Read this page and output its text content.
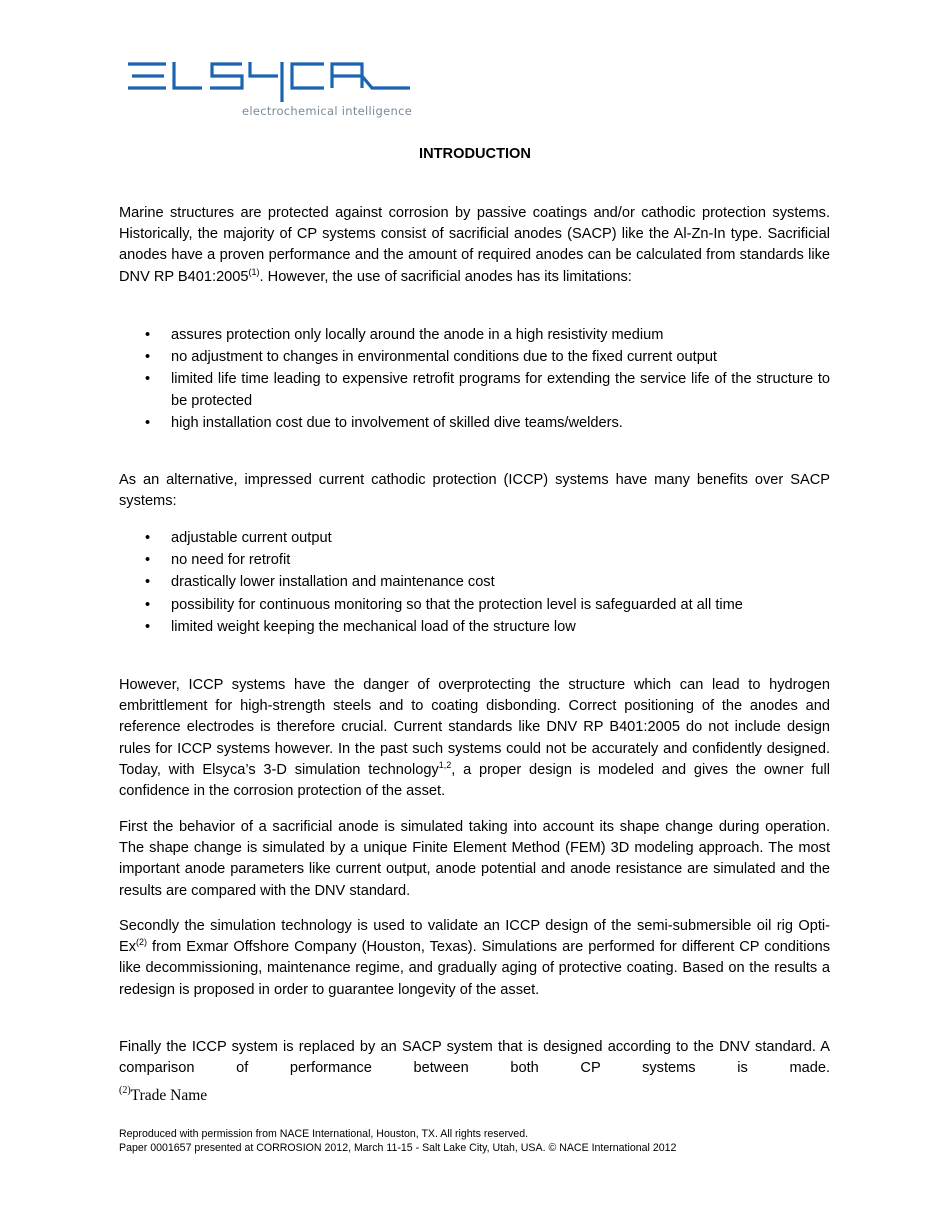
electrochemical intelligence
INTRODUCTION

Marine structures are protected against corrosion by passive coatings and/or cathodic protection systems. Historically, the majority of CP systems consist of sacrificial anodes (SACP) like the Al-Zn-In type. Sacrificial anodes have a proven performance and the amount of required anodes can be calculated from standards like DNV RP B401:2005$^{(1)}$. However, the use of sacrificial anodes has its limitations:

• assures protection only locally around the anode in a high resistivity medium
• no adjustment to changes in environmental conditions due to the fixed current output
• limited life time leading to expensive retrofit programs for extending the service life of the structure to be protected
• high installation cost due to involvement of skilled dive teams/welders.

As an alternative, impressed current cathodic protection (ICCP) systems have many benefits over SACP systems:

• adjustable current output
• no need for retrofit
• drastically lower installation and maintenance cost
• possibility for continuous monitoring so that the protection level is safeguarded at all time
• limited weight keeping the mechanical load of the structure low

However, ICCP systems have the danger of overprotecting the structure which can lead to hydrogen embrittlement for high-strength steels and to coating disbonding. Correct positioning of the anodes and reference electrodes is therefore crucial. Current standards like DNV RP B401:2005 do not include design rules for ICCP systems however. In the past such systems could not be accurately and confidently designed. Today, with Elsyca’s 3-D simulation technology$^{1,2}$, a proper design is modeled and gives the owner full confidence in the corrosion protection of the asset.

First the behavior of a sacrificial anode is simulated taking into account its shape change during operation. The shape change is simulated by a unique Finite Element Method (FEM) 3D modeling approach. The most important anode parameters like current output, anode potential and anode resistance are simulated and the results are compared with the DNV standard.

Secondly the simulation technology is used to validate an ICCP design of the semi-submersible oil rig Opti-Ex$^{(2)}$ from Exmar Offshore Company (Houston, Texas). Simulations are performed for different CP conditions like decommissioning, maintenance regime, and gradually aging of protective coating. Based on the results a redesign is proposed in order to guarantee longevity of the asset.

Finally the ICCP system is replaced by an SACP system that is designed according to the DNV standard. A comparison of performance between both CP systems is made.

$^{(2)}$Trade Name
Reproduced with permission from NACE International, Houston, TX. All rights reserved.
Paper 0001657 presented at CORROSION 2012, March 11-15 - Salt Lake City, Utah, USA. © NACE International 2012
